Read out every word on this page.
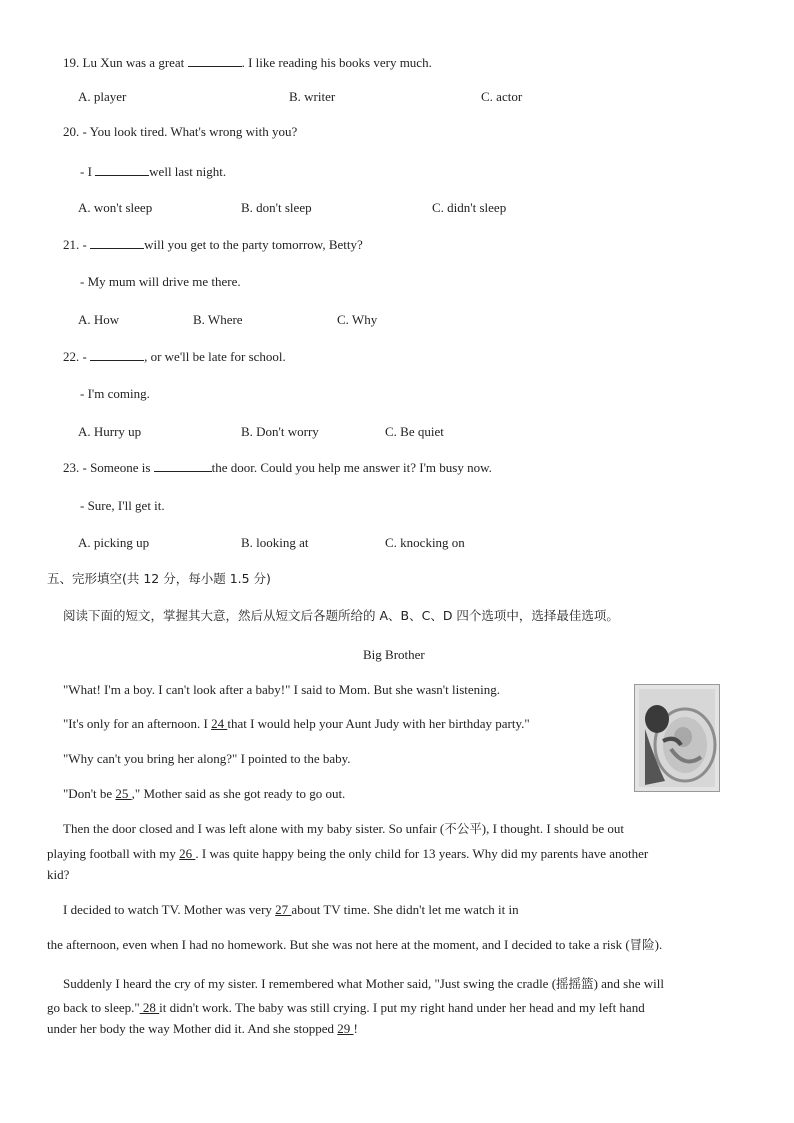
19. Lu Xun was a great	. I like reading his books very much.
A. player	B. writer	C. actor
20. - You look tired. What's wrong with you?
- I	well last night.
A. won't sleep	B. don't sleep	C. didn't sleep
21. -	will you get to the party tomorrow, Betty?
- My mum will drive me there.
A. How	B. Where	C. Why
22. -	, or we'll be late for school.
- I'm coming.
A. Hurry up	B. Don't worry	C. Be quiet
23. - Someone is	the door. Could you help me answer it? I'm busy now.
- Sure, I'll get it.
A. picking up	B. looking at	C. knocking on
五、完形填空(共 12 分，每小题 1.5 分)
阅读下面的短文，掌握其大意，然后从短文后各题所给的 A、B、C、D 四个选项中，选择最佳选项。
Big Brother
"What! I'm a boy. I can't look after a baby!" I said to Mom. But she wasn't listening.
"It's only for an afternoon. I 24 that I would help your Aunt Judy with her birthday party."
"Why can't you bring her along?" I pointed to the baby.
"Don't be 25 ," Mother said as she got ready to go out.
Then the door closed and I was left alone with my baby sister. So unfair (不公平), I thought. I should be out
playing football with my 26 . I was quite happy being the only child for 13 years. Why did my parents have another
kid?
I decided to watch TV. Mother was very 27 about TV time. She didn't let me watch it in
the afternoon, even when I had no homework. But she was not here at the moment, and I decided to take a risk (冒险).
Suddenly I heard the cry of my sister. I remembered what Mother said, "Just swing the cradle (摇摇篮) and she will
go back to sleep." 28 it didn't work. The baby was still crying. I put my right hand under her head and my left hand
under her body the way Mother did it. And she stopped 29 !
